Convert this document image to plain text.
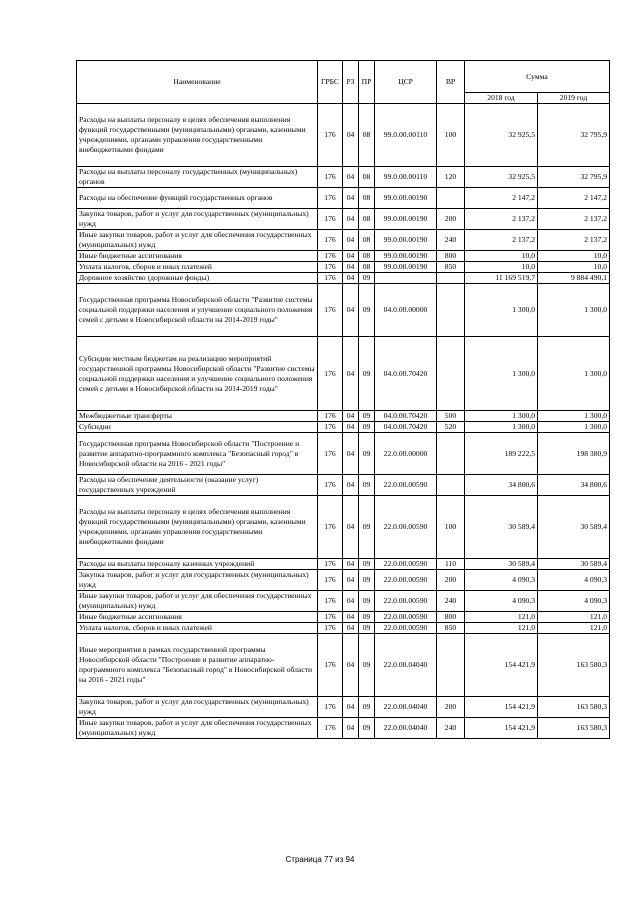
Наименование	ГРБС	РЗ	ПР	ЦСР	ВР	Сумма	
						2018 год	2019 год
Расходы на выплаты персоналу в целях обеспечения выполнения функций государственными (муниципальными) органами, казенными учреждениями, органами управления государственными внебюджетными фондами	176	04	08	99.0.00.00110	100	32 925,5	32 795,9
Расходы на выплаты персоналу государственных (муниципальных) органов	176	04	08	99.0.00.00110	120	32 925,5	32 795,9
Расходы на обеспечение функций государственных органов	176	04	08	99.0.00.00190		2 147,2	2 147,2
Закупка товаров, работ и услуг для государственных (муниципальных) нужд	176	04	08	99.0.00.00190	200	2 137,2	2 137,2
Иные закупки товаров, работ и услуг для обеспечения государственных (муниципальных) нужд	176	04	08	99.0.00.00190	240	2 137,2	2 137,2
Иные бюджетные ассигнования	176	04	08	99.0.00.00190	800	10,0	10,0
Уплата налогов, сборов и иных платежей	176	04	08	99.0.00.00190	850	10,0	10,0
Дорожное хозяйство (дорожные фонды)	176	04	09			11 169 519,7	9 884 490,1
Государственная программа Новосибирской области "Развитие системы социальной поддержки населения и улучшение социального положения семей с детьми в Новосибирской области на 2014-2019 годы"	176	04	09	04.0.00.00000		1 300,0	1 300,0
Субсидии местным бюджетам на реализацию мероприятий государственной программы Новосибирской области "Развитие системы социальной поддержки населения и улучшение социального положения семей с детьми в Новосибирской области на 2014-2019 годы"	176	04	09	04.0.00.70420		1 300,0	1 300,0
Межбюджетные трансферты	176	04	09	04.0.00.70420	500	1 300,0	1 300,0
Субсидии	176	04	09	04.0.00.70420	520	1 300,0	1 300,0
Государственная программа Новосибирской области "Построение и развитие аппаратно-программного комплекса "Безопасный город" в Новосибирской области на 2016 - 2021 годы"	176	04	09	22.0.00.00000		189 222,5	198 380,9
Расходы на обеспечение деятельности (оказание услуг) государственных учреждений	176	04	09	22.0.00.00590		34 800,6	34 800,6
Расходы на выплаты персоналу в целях обеспечения выполнения функций государственными (муниципальными) органами, казенными учреждениями, органами управления государственными внебюджетными фондами	176	04	09	22.0.00.00590	100	30 589,4	30 589,4
Расходы на выплаты персоналу казенных учреждений	176	04	09	22.0.00.00590	110	30 589,4	30 589,4
Закупка товаров, работ и услуг для государственных (муниципальных) нужд	176	04	09	22.0.00.00590	200	4 090,3	4 090,3
Иные закупки товаров, работ и услуг для обеспечения государственных (муниципальных) нужд	176	04	09	22.0.00.00590	240	4 090,3	4 090,3
Иные бюджетные ассигнования	176	04	09	22.0.00.00590	800	121,0	121,0
Уплата налогов, сборов и иных платежей	176	04	09	22.0.00.00590	850	121,0	121,0
Иные мероприятия в рамках государственной программы Новосибирской области "Построение и развитие аппаратно-программного комплекса "Безопасный город" в Новосибирской области на 2016 - 2021 годы"	176	04	09	22.0.00.04040		154 421,9	163 580,3
Закупка товаров, работ и услуг для государственных (муниципальных) нужд	176	04	09	22.0.00.04040	200	154 421,9	163 580,3
Иные закупки товаров, работ и услуг для обеспечения государственных (муниципальных) нужд	176	04	09	22.0.00.04040	240	154 421,9	163 580,3
Страница 77 из 94
